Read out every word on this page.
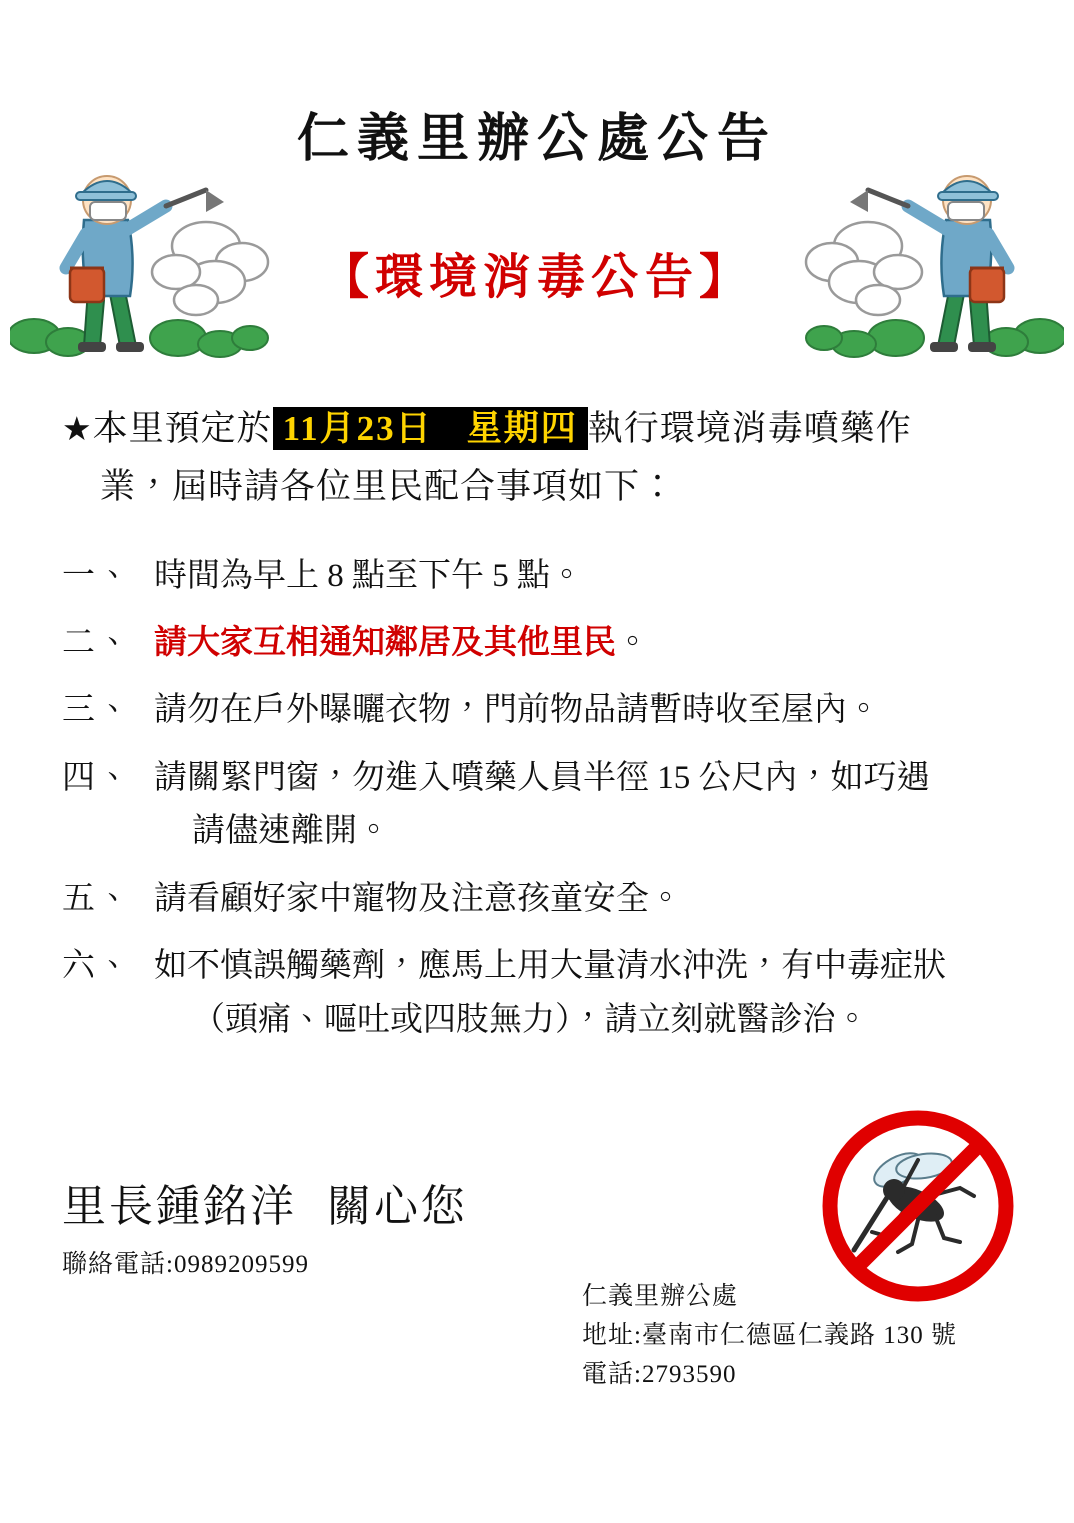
仁義里辦公處公告
【環境消毒公告】
★本里預定於 11月23日 星期四 執行環境消毒噴藥作
業，屆時請各位里民配合事項如下：
一、 時間為早上 8 點至下午 5 點。
二、 請大家互相通知鄰居及其他里民。
三、 請勿在戶外曝曬衣物，門前物品請暫時收至屋內。
四、 請關緊門窗，勿進入噴藥人員半徑 15 公尺內，如巧遇
請儘速離開。
五、 請看顧好家中寵物及注意孩童安全。
六、 如不慎誤觸藥劑，應馬上用大量清水沖洗，有中毒症狀
（頭痛、嘔吐或四肢無力），請立刻就醫診治。
里長鍾銘洋 關心您
聯絡電話:0989209599
仁義里辦公處
地址:臺南市仁德區仁義路 130 號
電話:2793590
